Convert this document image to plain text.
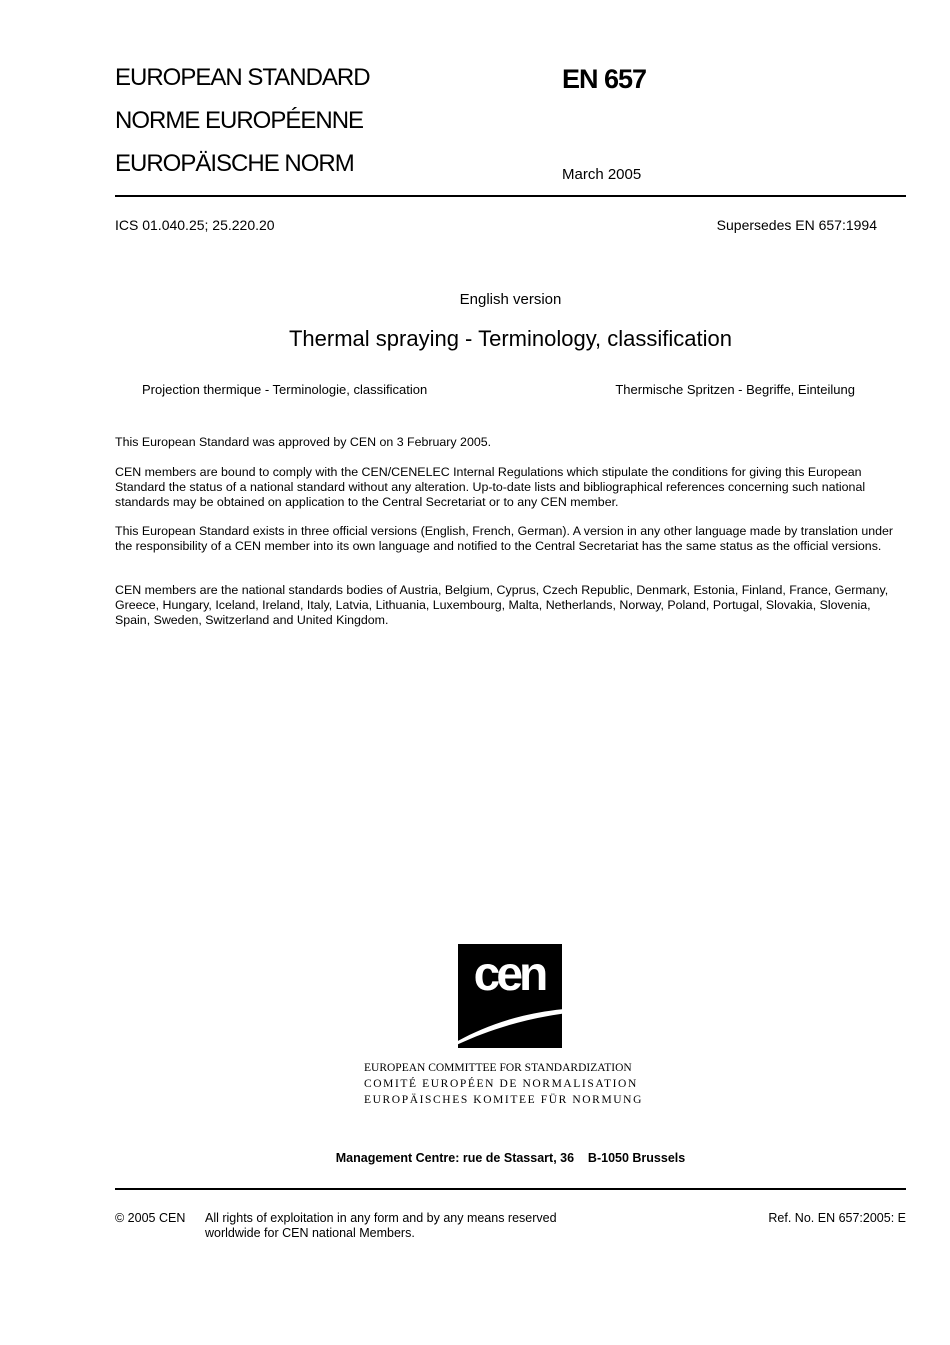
EUROPEAN STANDARD
NORME EUROPÉENNE
EUROPÄISCHE NORM
EN 657
March 2005
ICS 01.040.25; 25.220.20	Supersedes EN 657:1994
English version
Thermal spraying - Terminology, classification
Projection thermique - Terminologie, classification	Thermische Spritzen - Begriffe, Einteilung
This European Standard was approved by CEN on 3 February 2005.
CEN members are bound to comply with the CEN/CENELEC Internal Regulations which stipulate the conditions for giving this European Standard the status of a national standard without any alteration. Up-to-date lists and bibliographical references concerning such national standards may be obtained on application to the Central Secretariat or to any CEN member.
This European Standard exists in three official versions (English, French, German). A version in any other language made by translation under the responsibility of a CEN member into its own language and notified to the Central Secretariat has the same status as the official versions.
CEN members are the national standards bodies of Austria, Belgium, Cyprus, Czech Republic, Denmark, Estonia, Finland, France, Germany, Greece, Hungary, Iceland, Ireland, Italy, Latvia, Lithuania, Luxembourg, Malta, Netherlands, Norway, Poland, Portugal, Slovakia, Slovenia, Spain, Sweden, Switzerland and United Kingdom.
cen
EUROPEAN COMMITTEE FOR STANDARDIZATION
COMITÉ EUROPÉEN DE NORMALISATION
EUROPÄISCHES KOMITEE FÜR NORMUNG
Management Centre: rue de Stassart, 36    B-1050 Brussels
© 2005 CEN All rights of exploitation in any form and by any means reserved
worldwide for CEN national Members.
Ref. No. EN 657:2005: E
